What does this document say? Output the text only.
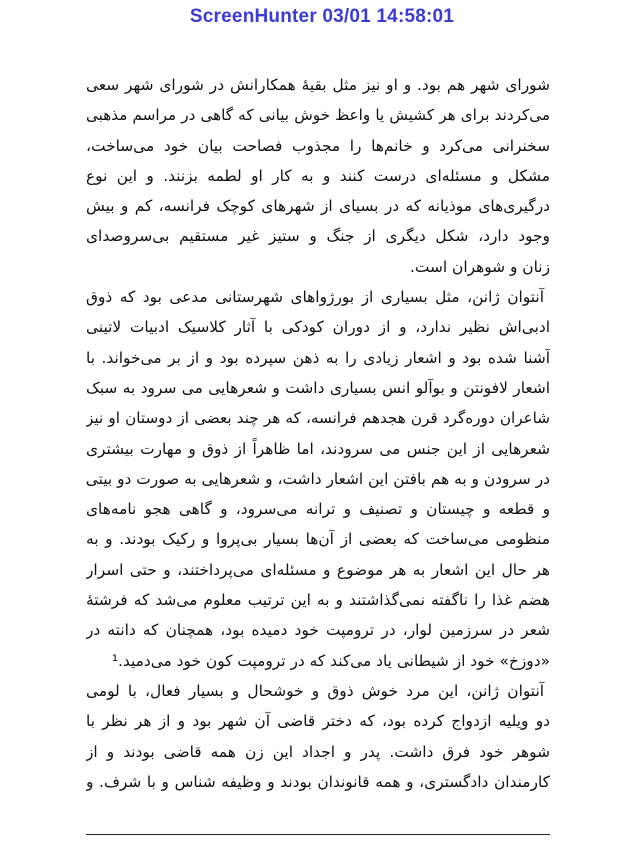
ScreenHunter 03/01 14:58:01
شورای شهر هم بود. و او نیز مثل بقیهٔ همکارانش در شورای شهر سعی
می‌کردند برای هر کشیش یا واعظ خوش بیانی که گاهی در مراسم مذهبی
سخنرانی می‌کرد و خانم‌ها را مجذوب فصاحت بیان خود می‌ساخت،
مشکل و مسئله‌ای درست کنند و به کار او لطمه بزنند. و این نوع
درگیری‌های موذیانه که در بسیای از شهرهای کوچک فرانسه، کم و بیش
وجود دارد، شکل دیگری از جنگ و ستیز غیر مستقیم بی‌سروصدای
زنان و شوهران است.
آنتوان ژانن، مثل بسیاری از بورژواهای شهرستانی مدعی بود که ذوق
ادبی‌اش نظیر ندارد، و از دوران کودکی با آثار کلاسیک ادبیات لاتینی
آشنا شده بود و اشعار زیادی را به ذهن سپرده بود و از بر می‌خواند. با
اشعار لافونتن و بوآلو انس بسیاری داشت و شعرهایی می سرود به سبک
شاعران دوره‌گرد قرن هجدهم فرانسه، که هر چند بعضی از دوستان او نیز
شعرهایی از این جنس می سرودند، اما ظاهراً از ذوق و مهارت بیشتری
در سرودن و به هم بافتن این اشعار داشت، و شعرهایی به صورت دو بیتی
و قطعه و چیستان و تصنیف و ترانه می‌سرود، و گاهی هجو نامه‌های
منظومی می‌ساخت که بعضی از آن‌ها بسیار بی‌پروا و رکیک بودند. و به
هر حال این اشعار به هر موضوع و مسئله‌ای می‌پرداختند، و حتی اسرار
هضم غذا را ناگفته نمی‌گذاشتند و به این ترتیب معلوم می‌شد که فرشتهٔ
شعر در سرزمین لوار، در ترومپت خود دمیده بود، همچنان که دانته در
«دوزخ» خود از شیطانی یاد می‌کند که در ترومپت کون خود می‌دمید.¹
آنتوان ژانن، این مرد خوش ذوق و خوشحال و بسیار فعال، با لومی
دو ویلیه ازدواج کرده بود، که دختر قاضی آن شهر بود و از هر نظر با
شوهر خود فرق داشت. پدر و اجداد این زن همه قاضی بودند و از
کارمندان دادگستری، و همه قانوندان بودند و وظیفه شناس و با شرف. و
